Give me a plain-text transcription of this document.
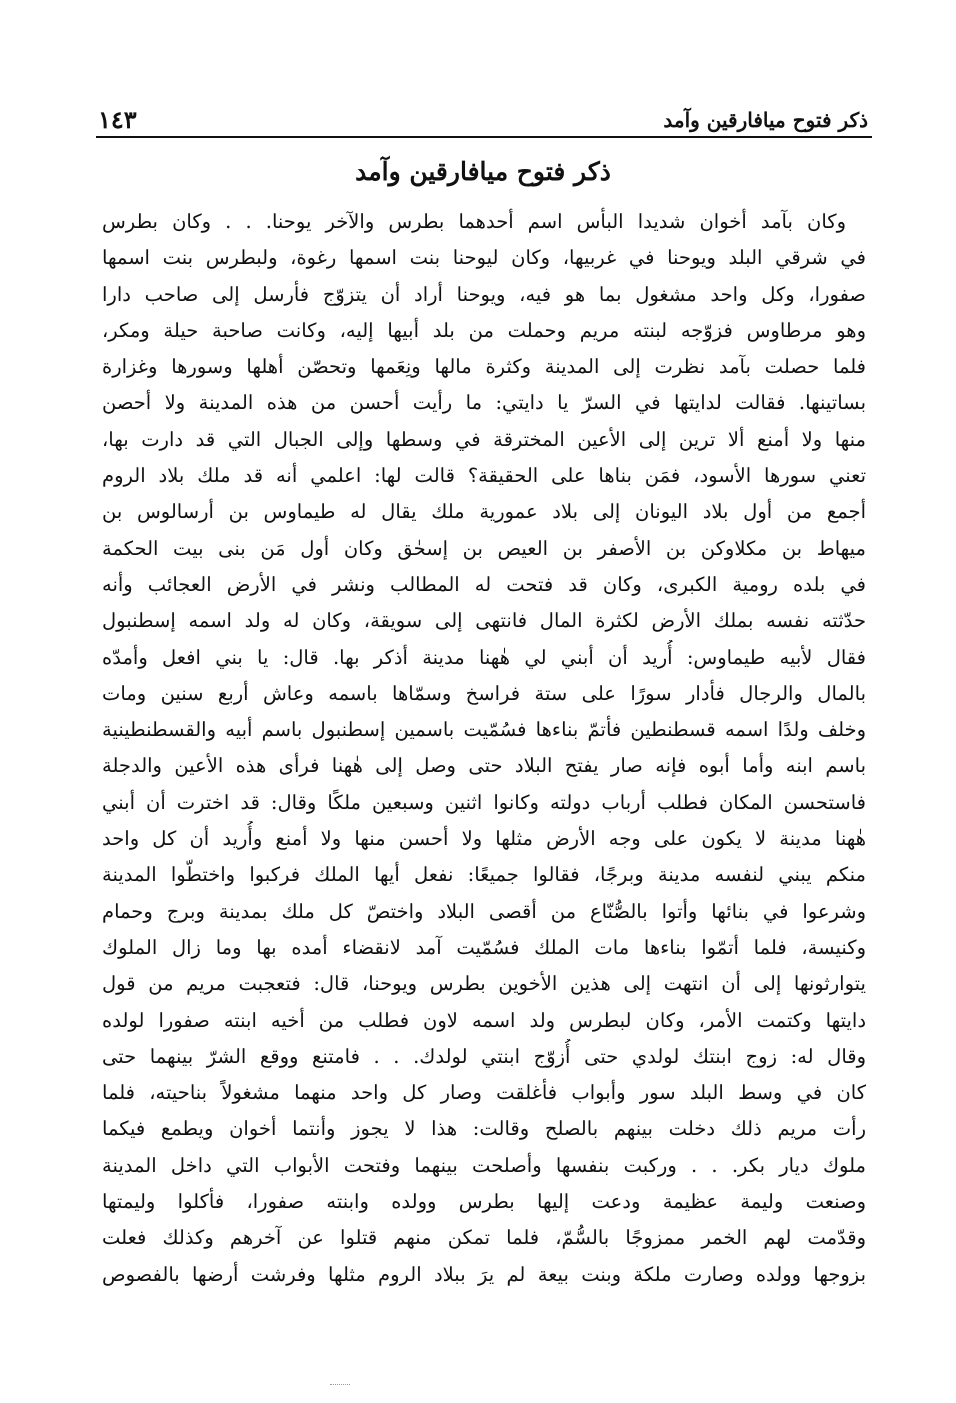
ذكر فتوح ميافارقين وآمد
١٤٣
ذكر فتوح ميافارقين وآمد
وكان بآمد أخوان شديدا البأس اسم أحدهما بطرس والآخر يوحنا. . . وكان بطرس
في شرقي البلد ويوحنا في غربيها، وكان ليوحنا بنت اسمها رغوة، ولبطرس بنت اسمها
صفورا، وكل واحد مشغول بما هو فيه، ويوحنا أراد أن يتزوّج فأرسل إلى صاحب دارا
وهو مرطاوس فزوّجه لبنته مريم وحملت من بلد أبيها إليه، وكانت صاحبة حيلة ومكر،
فلما حصلت بآمد نظرت إلى المدينة وكثرة مالها ونِعَمها وتحصّن أهلها وسورها وغزارة
بساتينها. فقالت لدايتها في السرّ يا دايتي: ما رأيت أحسن من هذه المدينة ولا أحصن
منها ولا أمنع ألا ترين إلى الأعين المخترقة في وسطها وإلى الجبال التي قد دارت بها،
تعني سورها الأسود، فمَن بناها على الحقيقة؟ قالت لها: اعلمي أنه قد ملك بلاد الروم
أجمع من أول بلاد اليونان إلى بلاد عمورية ملك يقال له طيماوس بن أرسالوس بن
ميهاط بن مكلاوكن بن الأصفر بن العيص بن إسحٰق وكان أول مَن بنى بيت الحكمة
في بلده رومية الكبرى، وكان قد فتحت له المطالب ونشر في الأرض العجائب وأنه
حدّثته نفسه بملك الأرض لكثرة المال فانتهى إلى سويقة، وكان له ولد اسمه إسطنبول
فقال لأبيه طيماوس: أُريد أن أبني لي هٰهنا مدينة أذكر بها. قال: يا بني افعل وأمدّه
بالمال والرجال فأدار سورًا على ستة فراسخ وسمّاها باسمه وعاش أربع سنين ومات
وخلف ولدًا اسمه قسطنطين فأتمّ بناءها فسُمّيت باسمين إسطنبول باسم أبيه والقسطنطينية
باسم ابنه وأما أبوه فإنه صار يفتح البلاد حتى وصل إلى هٰهنا فرأى هذه الأعين والدجلة
فاستحسن المكان فطلب أرباب دولته وكانوا اثنين وسبعين ملكًا وقال: قد اخترت أن أبني
هٰهنا مدينة لا يكون على وجه الأرض مثلها ولا أحسن منها ولا أمنع وأُريد أن كل واحد
منكم يبني لنفسه مدينة وبرجًا، فقالوا جميعًا: نفعل أيها الملك فركبوا واختطّوا المدينة
وشرعوا في بنائها وأتوا بالصُّنّاع من أقصى البلاد واختصّ كل ملك بمدينة وبرج وحمام
وكنيسة، فلما أتمّوا بناءها مات الملك فسُمّيت آمد لانقضاء أمده بها وما زال الملوك
يتوارثونها إلى أن انتهت إلى هذين الأخوين بطرس ويوحنا، قال: فتعجبت مريم من قول
دايتها وكتمت الأمر، وكان لبطرس ولد اسمه لاون فطلب من أخيه ابنته صفورا لولده
وقال له: زوج ابنتك لولدي حتى أُزوّج ابنتي لولدك. . . فامتنع ووقع الشرّ بينهما حتى
كان في وسط البلد سور وأبواب فأغلقت وصار كل واحد منهما مشغولاً بناحيته، فلما
رأت مريم ذلك دخلت بينهم بالصلح وقالت: هذا لا يجوز وأنتما أخوان ويطمع فيكما
ملوك ديار بكر. . . وركبت بنفسها وأصلحت بينهما وفتحت الأبواب التي داخل المدينة
وصنعت وليمة عظيمة ودعت إليها بطرس وولده وابنته صفورا، فأكلوا وليمتها
وقدّمت لهم الخمر ممزوجًا بالسُّمّ، فلما تمكن منهم قتلوا عن آخرهم وكذلك فعلت
بزوجها وولده وصارت ملكة وبنت بيعة لم يرَ ببلاد الروم مثلها وفرشت أرضها بالفصوص
